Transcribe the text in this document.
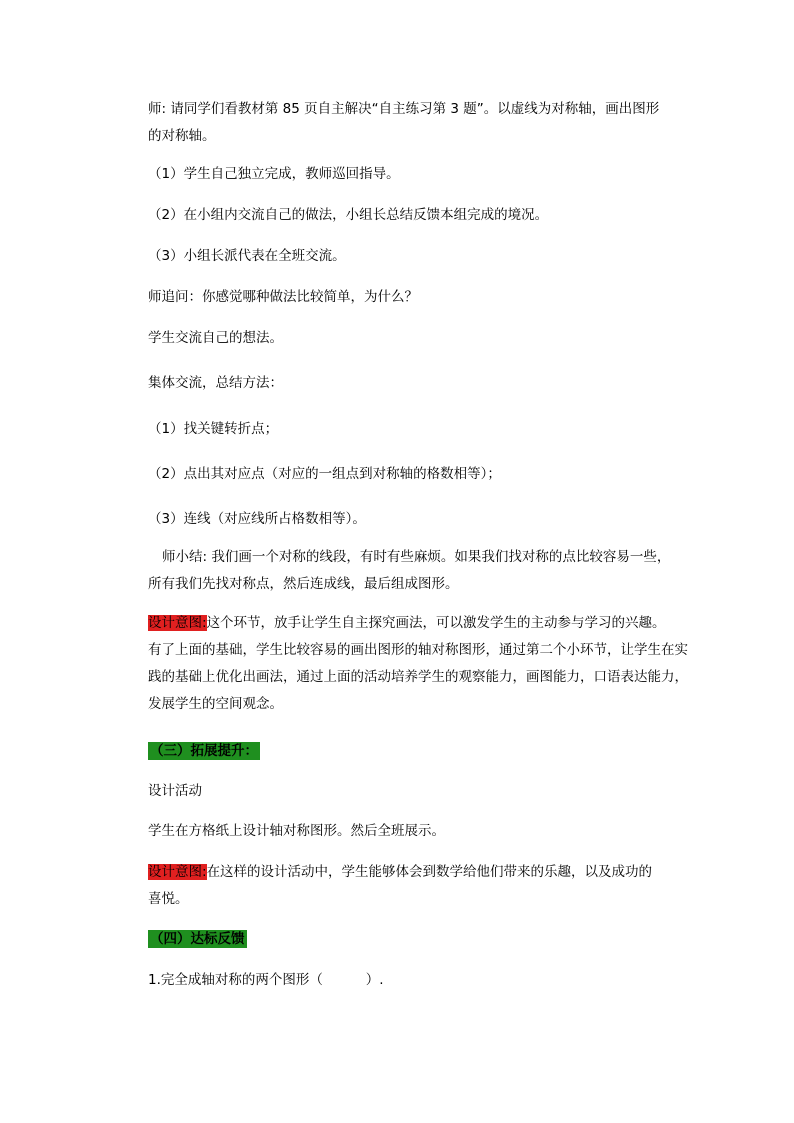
师: 请同学们看教材第 85 页自主解决“自主练习第 3 题”。以虚线为对称轴，画出图形
的对称轴。
（1）学生自己独立完成，教师巡回指导。
（2）在小组内交流自己的做法，小组长总结反馈本组完成的境况。
（3）小组长派代表在全班交流。
师追问：你感觉哪种做法比较简单，为什么？
学生交流自己的想法。
集体交流，总结方法：
（1）找关键转折点；
（2）点出其对应点（对应的一组点到对称轴的格数相等）；
（3）连线（对应线所占格数相等）。
师小结: 我们画一个对称的线段，有时有些麻烦。如果我们找对称的点比较容易一些，
所有我们先找对称点，然后连成线，最后组成图形。
设计意图:这个环节，放手让学生自主探究画法，可以激发学生的主动参与学习的兴趣。
有了上面的基础，学生比较容易的画出图形的轴对称图形，通过第二个小环节，让学生在实
践的基础上优化出画法，通过上面的活动培养学生的观察能力，画图能力，口语表达能力，
发展学生的空间观念。
（三）拓展提升：
设计活动
学生在方格纸上设计轴对称图形。然后全班展示。
设计意图:在这样的设计活动中，学生能够体会到数学给他们带来的乐趣，以及成功的
喜悦。
（四）达标反馈
1.完全成轴对称的两个图形（          ）.
